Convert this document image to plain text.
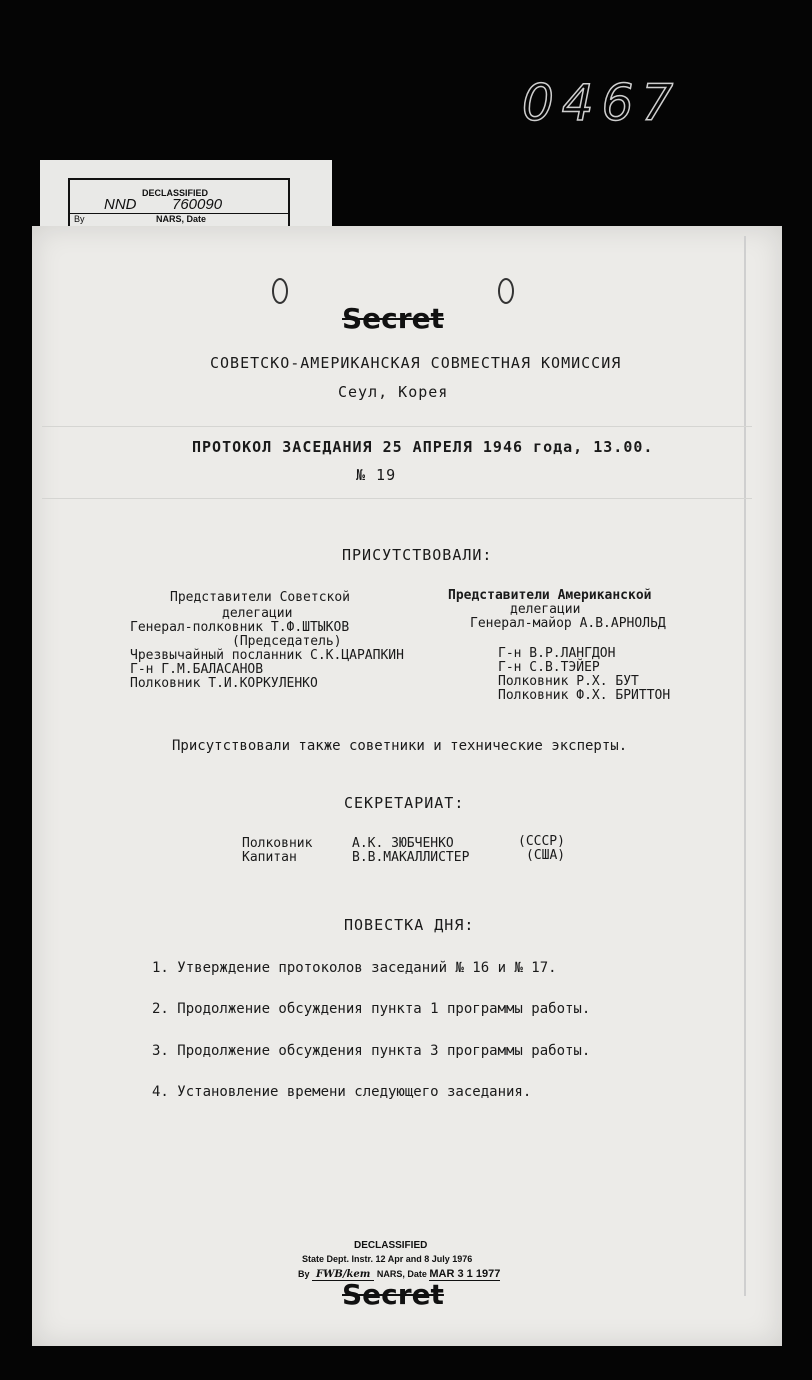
0467
DECLASSIFIED
NND 760090
By	NARS, Date
Secret
СОВЕТСКО-АМЕРИКАНСКАЯ СОВМЕСТНАЯ КОМИССИЯ
Сеул, Корея
ПРОТОКОЛ ЗАСЕДАНИЯ 25 АПРЕЛЯ 1946 года, 13.00.
№ 19
ПРИСУТСТВОВАЛИ:
Представители Советской
делегации
Генерал-полковник Т.Ф.ШТЫКОВ
(Председатель)
Чрезвычайный посланник С.К.ЦАРАПКИН
Г-н Г.М.БАЛАСАНОВ
Полковник Т.И.КОРКУЛЕНКО
Представители Американской
делегации
Генерал-майор А.В.АРНОЛЬД
Г-н В.Р.ЛАНГДОН
Г-н С.В.ТЭЙЕР
Полковник Р.Х. БУТ
Полковник Ф.Х. БРИТТОН
Присутствовали также советники и технические эксперты.
СЕКРЕТАРИАТ:
Полковник	А.К. ЗЮБЧЕНКО	(СССР)
Капитан	В.В.МАКАЛЛИСТЕР	(США)
ПОВЕСТКА ДНЯ:
1. Утверждение протоколов заседаний № 16 и № 17.
2. Продолжение обсуждения пункта 1 программы работы.
3. Продолжение обсуждения пункта 3 программы работы.
4. Установление времени следующего заседания.
DECLASSIFIED
State Dept. Instr. 12 Apr and 8 July 1976
By FWB/kem NARS, Date MAR 3 1 1977
Secret
